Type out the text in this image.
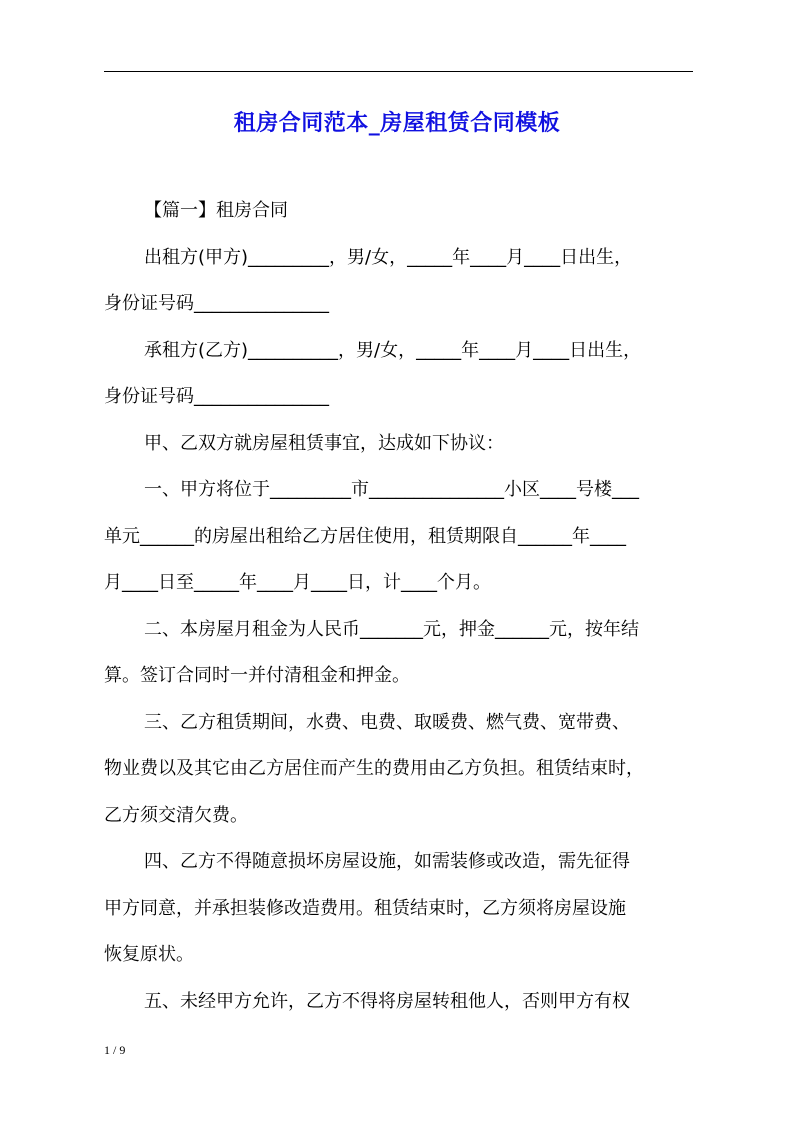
租房合同范本_房屋租赁合同模板

【篇一】租房合同

出租方(甲方)_________，男/女，_____年____月____日出生，

身份证号码_______________

承租方(乙方)__________，男/女，_____年____月____日出生，

身份证号码_______________

甲、乙双方就房屋租赁事宜，达成如下协议：

一、甲方将位于_________市_______________小区____号楼___

单元______的房屋出租给乙方居住使用，租赁期限自______年____

月____日至_____年____月____日，计____个月。

二、本房屋月租金为人民币_______元，押金______元，按年结

算。签订合同时一并付清租金和押金。

三、乙方租赁期间，水费、电费、取暖费、燃气费、宽带费、

物业费以及其它由乙方居住而产生的费用由乙方负担。租赁结束时，

乙方须交清欠费。

四、乙方不得随意损坏房屋设施，如需装修或改造，需先征得

甲方同意，并承担装修改造费用。租赁结束时，乙方须将房屋设施

恢复原状。

五、未经甲方允许，乙方不得将房屋转租他人，否则甲方有权

1 / 9
